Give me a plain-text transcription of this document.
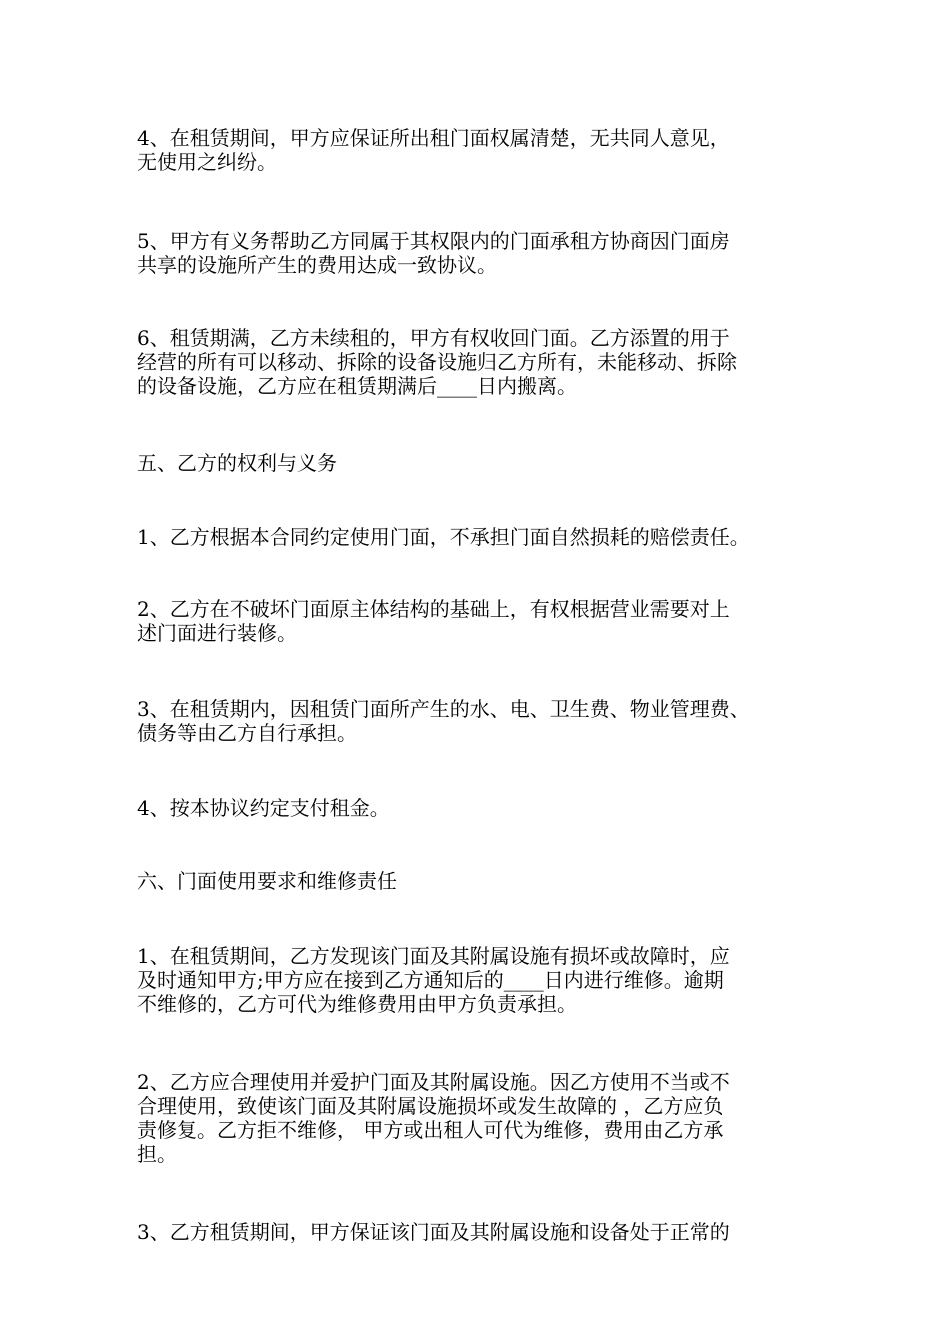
4、在租赁期间，甲方应保证所出租门面权属清楚，无共同人意见，
无使用之纠纷。
5、甲方有义务帮助乙方同属于其权限内的门面承租方协商因门面房
共享的设施所产生的费用达成一致协议。
6、租赁期满，乙方未续租的，甲方有权收回门面。乙方添置的用于
经营的所有可以移动、拆除的设备设施归乙方所有，未能移动、拆除
的设备设施，乙方应在租赁期满后____日内搬离。
五、乙方的权利与义务
1、乙方根据本合同约定使用门面，不承担门面自然损耗的赔偿责任。
2、乙方在不破坏门面原主体结构的基础上，有权根据营业需要对上
述门面进行装修。
3、在租赁期内，因租赁门面所产生的水、电、卫生费、物业管理费、
债务等由乙方自行承担。
4、按本协议约定支付租金。
六、门面使用要求和维修责任
1、在租赁期间，乙方发现该门面及其附属设施有损坏或故障时，应
及时通知甲方;甲方应在接到乙方通知后的____日内进行维修。逾期
不维修的，乙方可代为维修费用由甲方负责承担。
2、乙方应合理使用并爱护门面及其附属设施。因乙方使用不当或不
合理使用，致使该门面及其附属设施损坏或发生故障的 ，乙方应负
责修复。乙方拒不维修， 甲方或出租人可代为维修，费用由乙方承
担。
3、乙方租赁期间，甲方保证该门面及其附属设施和设备处于正常的
